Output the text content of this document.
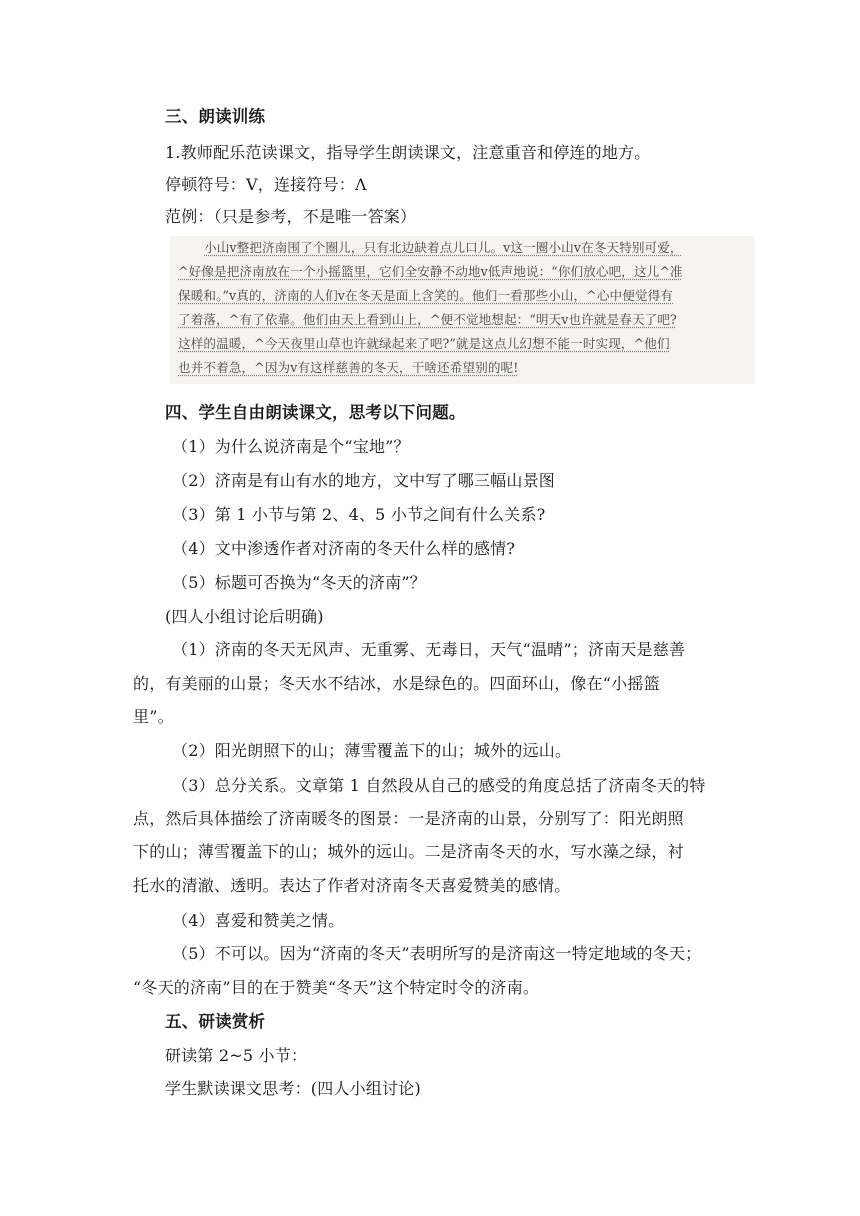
三、朗读训练
1.教师配乐范读课文，指导学生朗读课文，注意重音和停连的地方。
停顿符号：V，连接符号：Λ
范例：（只是参考，不是唯一答案）
小山v整把济南围了个圈儿，只有北边缺着点儿口儿。v这一圈小山v在冬天特别可爱，
^好像是把济南放在一个小摇篮里，它们全安静不动地v低声地说：“你们放心吧，这儿^准
保暖和。”v真的，济南的人们v在冬天是面上含笑的。他们一看那些小山，^心中便觉得有
了着落，^有了依靠。他们由天上看到山上，^便不觉地想起：“明天v也许就是春天了吧?
这样的温暖，^今天夜里山草也许就绿起来了吧?”就是这点儿幻想不能一时实现，^他们
也并不着急，^因为v有这样慈善的冬天，干啥还希望别的呢!
四、学生自由朗读课文，思考以下问题。
（1）为什么说济南是个“宝地”？
（2）济南是有山有水的地方，文中写了哪三幅山景图
（3）第 1 小节与第 2、4、5 小节之间有什么关系?
（4）文中渗透作者对济南的冬天什么样的感情?
（5）标题可否换为“冬天的济南”？
(四人小组讨论后明确)
（1）济南的冬天无风声、无重雾、无毒日，天气“温晴”；济南天是慈善
的，有美丽的山景；冬天水不结冰，水是绿色的。四面环山，像在“小摇篮
里”。
（2）阳光朗照下的山；薄雪覆盖下的山；城外的远山。
（3）总分关系。文章第 1 自然段从自己的感受的角度总括了济南冬天的特
点，然后具体描绘了济南暖冬的图景：一是济南的山景，分别写了：阳光朗照
下的山；薄雪覆盖下的山；城外的远山。二是济南冬天的水，写水藻之绿，衬
托水的清澈、透明。表达了作者对济南冬天喜爱赞美的感情。
（4）喜爱和赞美之情。
（5）不可以。因为“济南的冬天”表明所写的是济南这一特定地域的冬天；
“冬天的济南”目的在于赞美“冬天”这个特定时令的济南。
五、研读赏析
研读第 2~5 小节：
学生默读课文思考：(四人小组讨论)
